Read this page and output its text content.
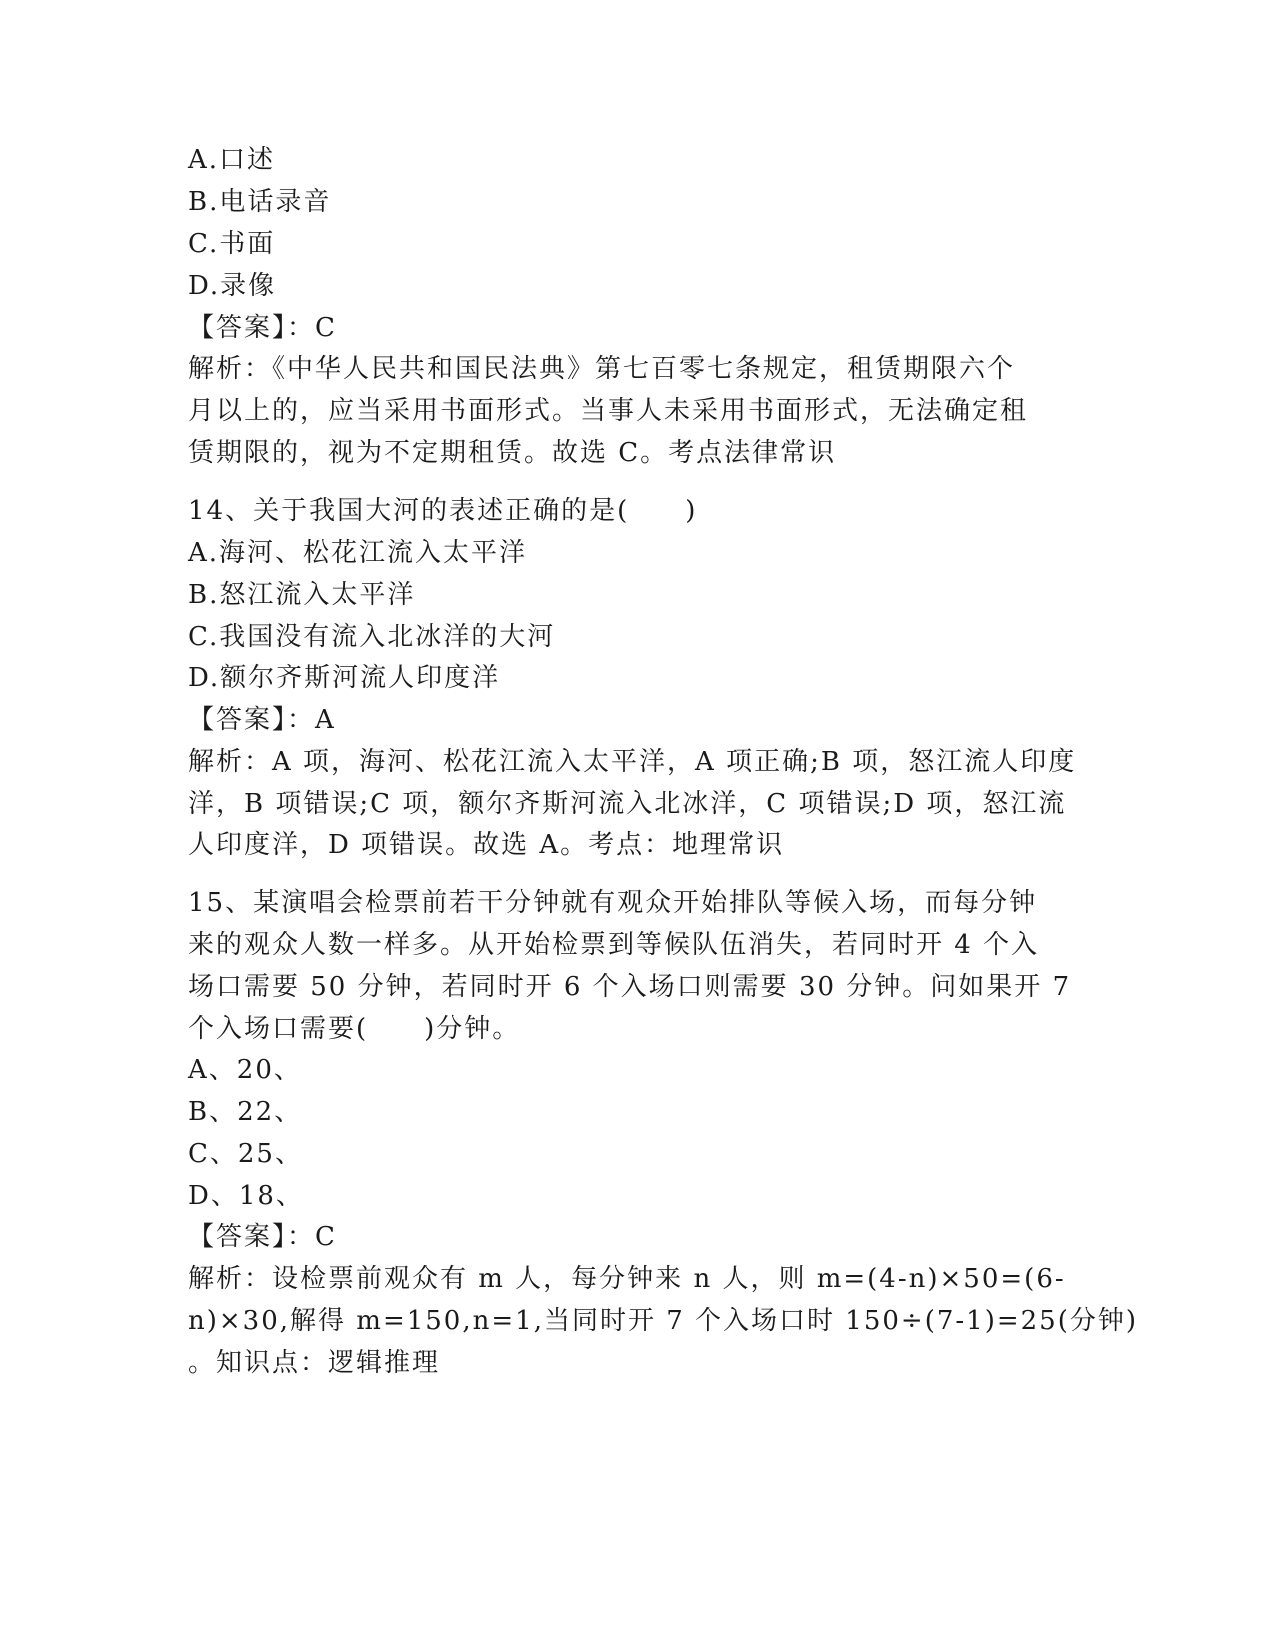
A.口述
B.电话录音
C.书面
D.录像
【答案】：C
解析：《中华人民共和国民法典》第七百零七条规定，租赁期限六个
月以上的，应当采用书面形式。当事人未采用书面形式，无法确定租
赁期限的，视为不定期租赁。故选 C。考点法律常识
14、关于我国大河的表述正确的是(　　)
A.海河、松花江流入太平洋
B.怒江流入太平洋
C.我国没有流入北冰洋的大河
D.额尔齐斯河流人印度洋
【答案】：A
解析：A 项，海河、松花江流入太平洋，A 项正确;B 项，怒江流人印度
洋，B 项错误;C 项，额尔齐斯河流入北冰洋，C 项错误;D 项，怒江流
人印度洋，D 项错误。故选 A。考点：地理常识
15、某演唱会检票前若干分钟就有观众开始排队等候入场，而每分钟
来的观众人数一样多。从开始检票到等候队伍消失，若同时开 4 个入
场口需要 50 分钟，若同时开 6 个入场口则需要 30 分钟。问如果开 7
个入场口需要(　　)分钟。
A、20、
B、22、
C、25、
D、18、
【答案】：C
解析：设检票前观众有 m 人，每分钟来 n 人，则 m=(4-n)×50=(6-
n)×30,解得 m=150,n=1,当同时开 7 个入场口时 150÷(7-1)=25(分钟)
。知识点：逻辑推理
